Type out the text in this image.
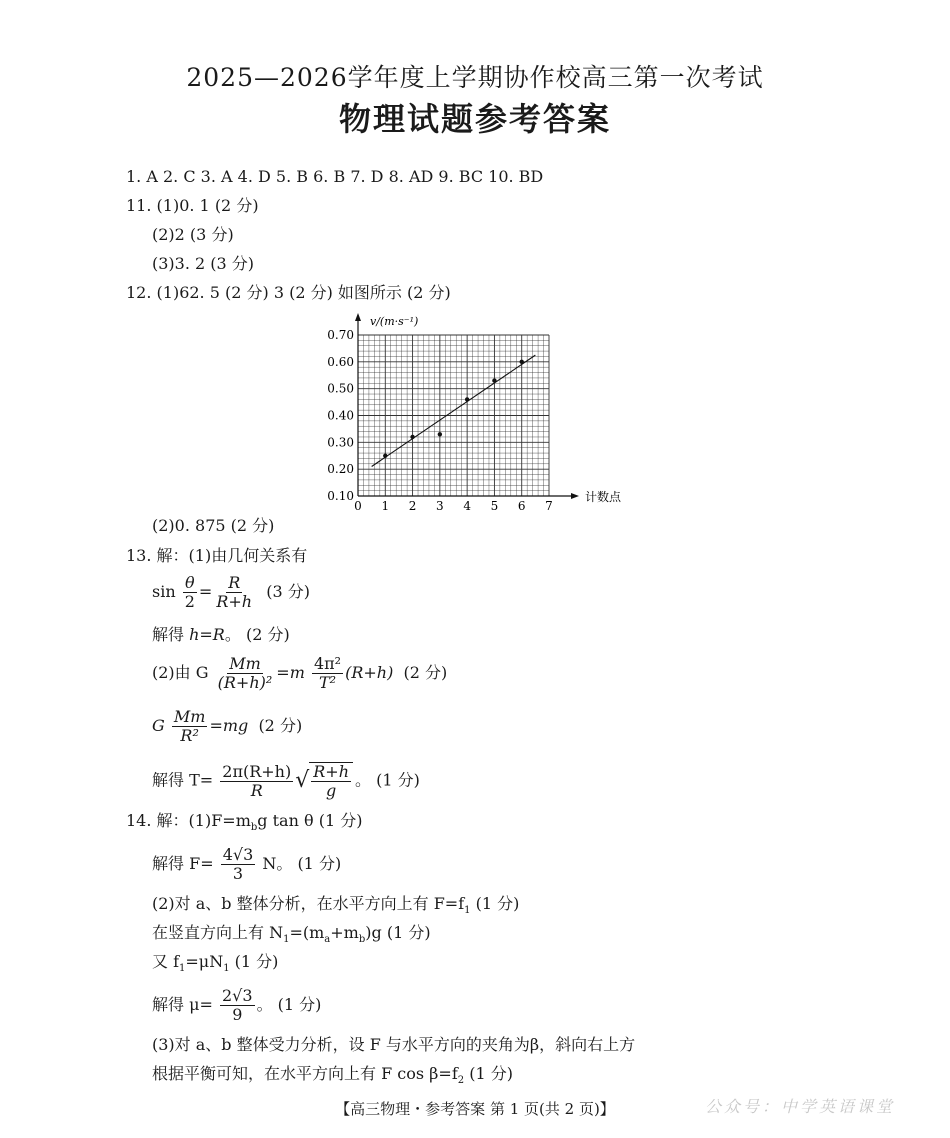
2025—2026学年度上学期协作校高三第一次考试
物理试题参考答案
1. A 2. C 3. A 4. D 5. B 6. B 7. D 8. AD 9. BC 10. BD
11. (1)0. 1 (2 分)
(2)2 (3 分)
(3)3. 2 (3 分)
12. (1)62. 5 (2 分) 3 (2 分) 如图所示 (2 分)
0 1 2 3 4 5 6 7
0.10
0.20
0.30
0.40
0.50
0.60
0.70
计数点
v/(m·s⁻¹)
(2)0. 875 (2 分)
13. 解：(1)由几何关系有
$\sin \frac{\theta}{2} = \frac{R}{R+h} (3$ 分)
解得 h=R。 (2 分)
(2)由 G $\frac{Mm}{\text{(R+h)²}} =m \frac{\text{4π²}}{\text{T²}} (R+h)$ (2 分)
G $\frac{Mm}{\text{R²}} =mg$ (2 分)
解得 $T= \frac{2\pi(R+h)}{R}$ √ $\frac{R+h}{g}$ 。 (1 分)
14. 解：$(1)F=m_bg$ tan θ (1 分)
解得 $F= \frac{4√3}{3}$ N。 (1 分)
(2)对 a、b 整体分析，在水平方向上有 $F=f_1$ (1 分)
在竖直方向上有 $N_1=(m_a+m_b)g$ (1 分)
又 $f_1=\mu N_1$ (1 分)
解得 $\mu= \frac{2√3}{9}$ 。 (1 分)
(3)对 a、b 整体受力分析，设 F 与水平方向的夹角为β，斜向右上方
根据平衡可知，在水平方向上有 F $\cos \beta=f_2$ (1 分)
【高三物理・参考答案 第 1 页(共 2 页)】	公众号：中学英语课堂
